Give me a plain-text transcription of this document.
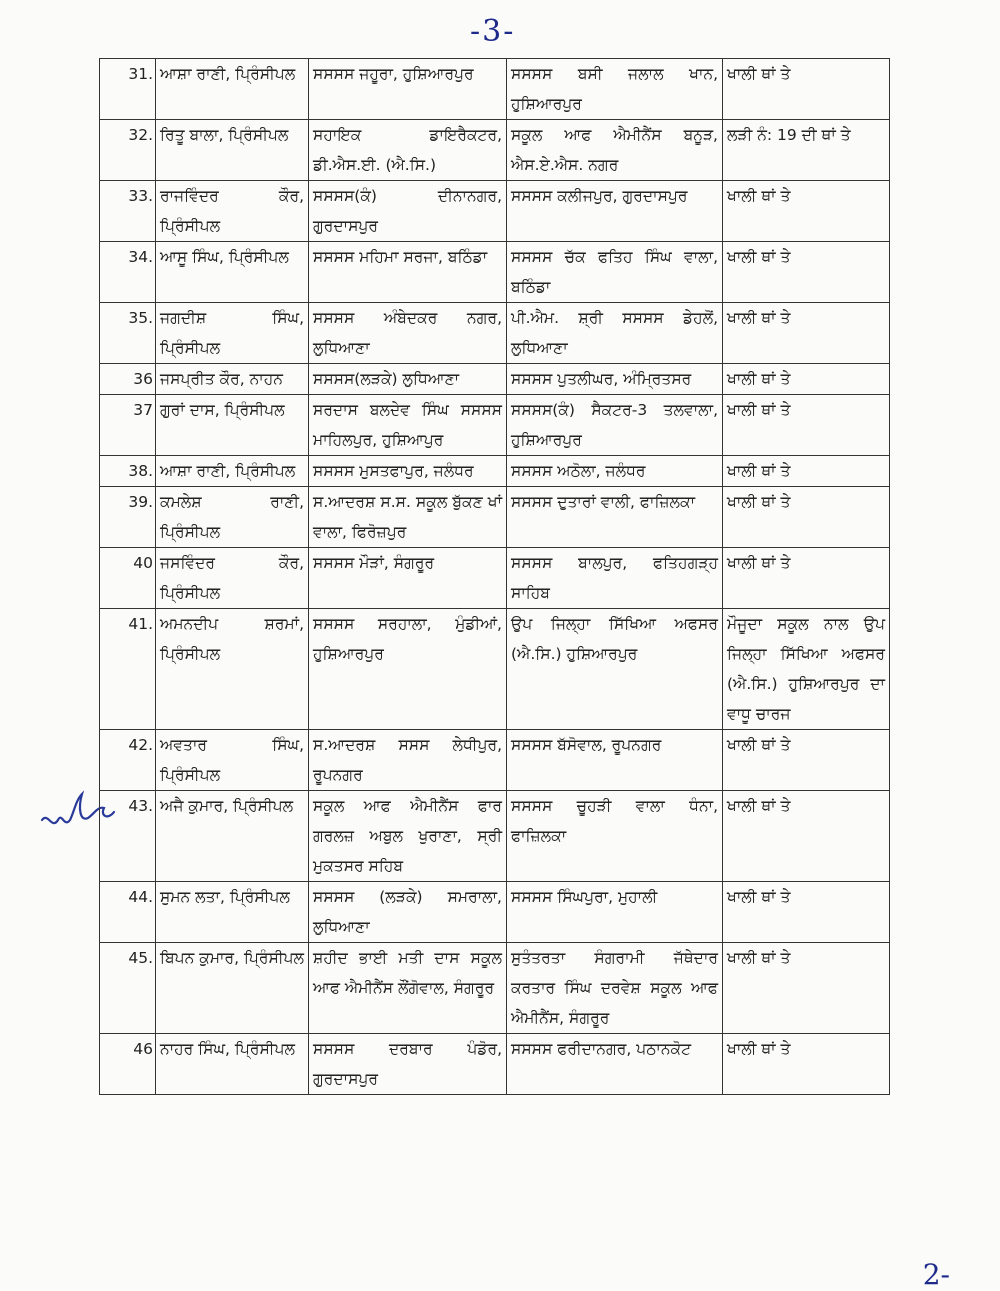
-3-
31.	ਆਸ਼ਾ ਰਾਣੀ, ਪ੍ਰਿੰਸੀਪਲ	ਸਸਸਸ ਜਹੂਰਾ, ਹੁਸ਼ਿਆਰਪੁਰ	ਸਸਸਸ ਬਸੀ ਜਲਾਲ ਖਾਨ, ਹੁਸ਼ਿਆਰਪੁਰ	ਖਾਲੀ ਥਾਂ ਤੇ
32.	ਰਿਤੂ ਬਾਲਾ, ਪ੍ਰਿੰਸੀਪਲ	ਸਹਾਇਕ ਡਾਇਰੈਕਟਰ, ਡੀ.ਐਸ.ਈ. (ਐ.ਸਿ.)	ਸਕੂਲ ਆਫ ਐਮੀਨੈਂਸ ਬਨੂੜ, ਐਸ.ਏ.ਐਸ. ਨਗਰ	ਲੜੀ ਨੰ: 19 ਦੀ ਥਾਂ ਤੇ
33.	ਰਾਜਵਿੰਦਰ ਕੌਰ, ਪ੍ਰਿੰਸੀਪਲ	ਸਸਸਸ(ਕੰ) ਦੀਨਾਨਗਰ, ਗੁਰਦਾਸਪੁਰ	ਸਸਸਸ ਕਲੀਜਪੁਰ, ਗੁਰਦਾਸਪੁਰ	ਖਾਲੀ ਥਾਂ ਤੇ
34.	ਆਸੂ ਸਿੰਘ, ਪ੍ਰਿੰਸੀਪਲ	ਸਸਸਸ ਮਹਿਮਾ ਸਰਜਾ, ਬਠਿੰਡਾ	ਸਸਸਸ ਚੱਕ ਫਤਿਹ ਸਿੰਘ ਵਾਲਾ, ਬਠਿੰਡਾ	ਖਾਲੀ ਥਾਂ ਤੇ
35.	ਜਗਦੀਸ਼ ਸਿੰਘ, ਪ੍ਰਿੰਸੀਪਲ	ਸਸਸਸ ਅੰਬੇਦਕਰ ਨਗਰ, ਲੁਧਿਆਣਾ	ਪੀ.ਐਮ. ਸ਼੍ਰੀ ਸਸਸਸ ਡੇਹਲੋਂ, ਲੁਧਿਆਣਾ	ਖਾਲੀ ਥਾਂ ਤੇ
36	ਜਸਪ੍ਰੀਤ ਕੌਰ, ਨਾਹਨ	ਸਸਸਸ(ਲੜਕੇ) ਲੁਧਿਆਣਾ	ਸਸਸਸ ਪੁਤਲੀਘਰ, ਅੰਮ੍ਰਿਤਸਰ	ਖਾਲੀ ਥਾਂ ਤੇ
37	ਗੁਰਾਂ ਦਾਸ, ਪ੍ਰਿੰਸੀਪਲ	ਸਰਦਾਸ ਬਲਦੇਵ ਸਿੰਘ ਸਸਸਸ ਮਾਹਿਲਪੁਰ, ਹੁਸ਼ਿਆਪੁਰ	ਸਸਸਸ(ਕੰ) ਸੈਕਟਰ-3 ਤਲਵਾਲਾ, ਹੁਸ਼ਿਆਰਪੁਰ	ਖਾਲੀ ਥਾਂ ਤੇ
38.	ਆਸ਼ਾ ਰਾਣੀ, ਪ੍ਰਿੰਸੀਪਲ	ਸਸਸਸ ਮੁਸਤਫਾਪੁਰ, ਜਲੰਧਰ	ਸਸਸਸ ਅਠੋਲਾ, ਜਲੰਧਰ	ਖਾਲੀ ਥਾਂ ਤੇ
39.	ਕਮਲੇਸ਼ ਰਾਣੀ, ਪ੍ਰਿੰਸੀਪਲ	ਸ.ਆਦਰਸ਼ ਸ.ਸ. ਸਕੂਲ ਬੁੱਕਣ ਖਾਂ ਵਾਲਾ, ਫਿਰੋਜ਼ਪੁਰ	ਸਸਸਸ ਦੁਤਾਰਾਂ ਵਾਲੀ, ਫਾਜ਼ਿਲਕਾ	ਖਾਲੀ ਥਾਂ ਤੇ
40	ਜਸਵਿੰਦਰ ਕੌਰ, ਪ੍ਰਿੰਸੀਪਲ	ਸਸਸਸ ਮੌੜਾਂ, ਸੰਗਰੂਰ	ਸਸਸਸ ਬਾਲਪੁਰ, ਫਤਿਹਗੜ੍ਹ ਸਾਹਿਬ	ਖਾਲੀ ਥਾਂ ਤੇ
41.	ਅਮਨਦੀਪ ਸ਼ਰਮਾਂ, ਪ੍ਰਿੰਸੀਪਲ	ਸਸਸਸ ਸਰਹਾਲਾ, ਮੁੰਡੀਆਂ, ਹੁਸ਼ਿਆਰਪੁਰ	ਉਪ ਜਿਲ੍ਹਾ ਸਿੱਖਿਆ ਅਫਸਰ (ਐ.ਸਿ.) ਹੁਸ਼ਿਆਰਪੁਰ	ਮੌਜੂਦਾ ਸਕੂਲ ਨਾਲ ਉਪ ਜਿਲ੍ਹਾ ਸਿੱਖਿਆ ਅਫਸਰ (ਐ.ਸਿ.) ਹੁਸ਼ਿਆਰਪੁਰ ਦਾ ਵਾਧੂ ਚਾਰਜ
42.	ਅਵਤਾਰ ਸਿੰਘ, ਪ੍ਰਿੰਸੀਪਲ	ਸ.ਆਦਰਸ਼ ਸਸਸ ਲੇਧੀਪੁਰ, ਰੂਪਨਗਰ	ਸਸਸਸ ਬੱਸੋਵਾਲ, ਰੂਪਨਗਰ	ਖਾਲੀ ਥਾਂ ਤੇ
43.	ਅਜੈ ਕੁਮਾਰ, ਪ੍ਰਿੰਸੀਪਲ	ਸਕੂਲ ਆਫ ਐਮੀਨੈਂਸ ਫਾਰ ਗਰਲਜ਼ ਅਬੁਲ ਖੁਰਾਣਾ, ਸ੍ਰੀ ਮੁਕਤਸਰ ਸਹਿਬ	ਸਸਸਸ ਚੂਹੜੀ ਵਾਲਾ ਧੰਨਾ, ਫਾਜ਼ਿਲਕਾ	ਖਾਲੀ ਥਾਂ ਤੇ
44.	ਸੁਮਨ ਲਤਾ, ਪ੍ਰਿੰਸੀਪਲ	ਸਸਸਸ (ਲੜਕੇ) ਸਮਰਾਲਾ, ਲੁਧਿਆਣਾ	ਸਸਸਸ ਸਿੰਘਪੁਰਾ, ਮੁਹਾਲੀ	ਖਾਲੀ ਥਾਂ ਤੇ
45.	ਬਿਪਨ ਕੁਮਾਰ, ਪ੍ਰਿੰਸੀਪਲ	ਸ਼ਹੀਦ ਭਾਈ ਮਤੀ ਦਾਸ ਸਕੂਲ ਆਫ ਐਮੀਨੈਂਸ ਲੌਂਗੋਵਾਲ, ਸੰਗਰੂਰ	ਸੁਤੰਤਰਤਾ ਸੰਗਰਾਮੀ ਜੱਥੇਦਾਰ ਕਰਤਾਰ ਸਿੰਘ ਦਰਵੇਸ਼ ਸਕੂਲ ਆਫ ਐਮੀਨੈਂਸ, ਸੰਗਰੂਰ	ਖਾਲੀ ਥਾਂ ਤੇ
46	ਨਾਹਰ ਸਿੰਘ, ਪ੍ਰਿੰਸੀਪਲ	ਸਸਸਸ ਦਰਬਾਰ ਪੰਡੋਰ, ਗੁਰਦਾਸਪੁਰ	ਸਸਸਸ ਫਰੀਦਾਨਗਰ, ਪਠਾਨਕੋਟ	ਖਾਲੀ ਥਾਂ ਤੇ
2-
